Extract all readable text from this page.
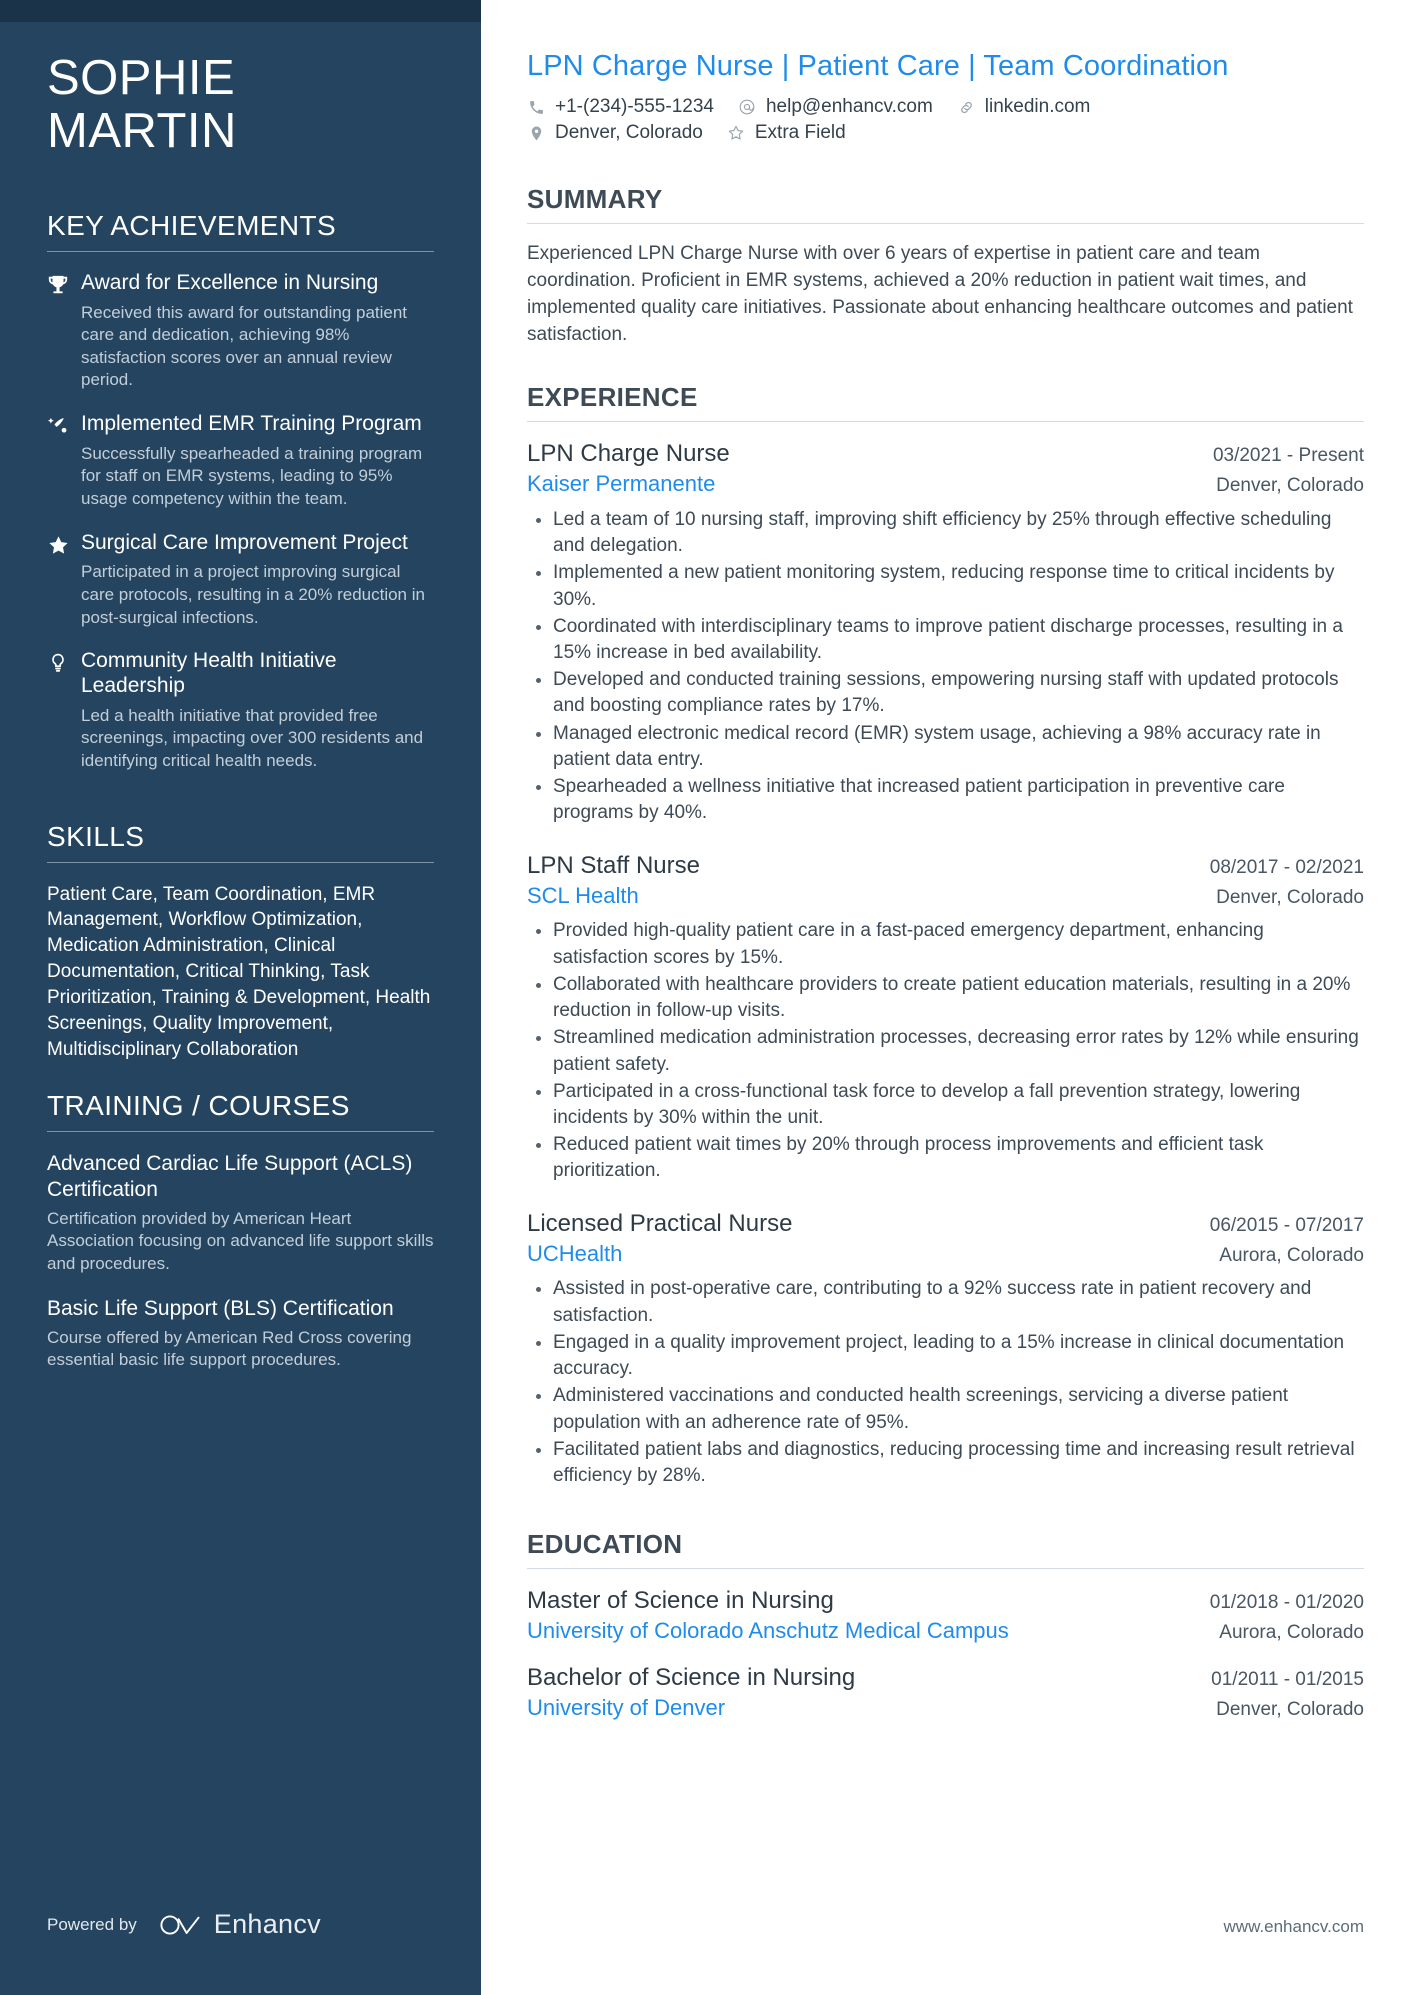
SOPHIE
MARTIN
KEY ACHIEVEMENTS
Award for Excellence in Nursing
Received this award for outstanding patient care and dedication, achieving 98% satisfaction scores over an annual review period.
Implemented EMR Training Program
Successfully spearheaded a training program for staff on EMR systems, leading to 95% usage competency within the team.
Surgical Care Improvement Project
Participated in a project improving surgical care protocols, resulting in a 20% reduction in post-surgical infections.
Community Health Initiative Leadership
Led a health initiative that provided free screenings, impacting over 300 residents and identifying critical health needs.
SKILLS
Patient Care, Team Coordination, EMR Management, Workflow Optimization, Medication Administration, Clinical Documentation, Critical Thinking, Task Prioritization, Training & Development, Health Screenings, Quality Improvement, Multidisciplinary Collaboration
TRAINING / COURSES
Advanced Cardiac Life Support (ACLS) Certification
Certification provided by American Heart Association focusing on advanced life support skills and procedures.
Basic Life Support (BLS) Certification
Course offered by American Red Cross covering essential basic life support procedures.
Powered by	Enhancv
LPN Charge Nurse | Patient Care | Team Coordination
+1-(234)-555-1234	help@enhancv.com	linkedin.com
Denver, Colorado	Extra Field
SUMMARY

Experienced LPN Charge Nurse with over 6 years of expertise in patient care and team coordination. Proficient in EMR systems, achieved a 20% reduction in patient wait times, and implemented quality care initiatives. Passionate about enhancing healthcare outcomes and patient satisfaction.

EXPERIENCE
LPN Charge Nurse	03/2021 - Present
Kaiser Permanente	Denver, Colorado
Led a team of 10 nursing staff, improving shift efficiency by 25% through effective scheduling and delegation.
Implemented a new patient monitoring system, reducing response time to critical incidents by 30%.
Coordinated with interdisciplinary teams to improve patient discharge processes, resulting in a 15% increase in bed availability.
Developed and conducted training sessions, empowering nursing staff with updated protocols and boosting compliance rates by 17%.
Managed electronic medical record (EMR) system usage, achieving a 98% accuracy rate in patient data entry.
Spearheaded a wellness initiative that increased patient participation in preventive care programs by 40%.
LPN Staff Nurse	08/2017 - 02/2021
SCL Health	Denver, Colorado
Provided high-quality patient care in a fast-paced emergency department, enhancing satisfaction scores by 15%.
Collaborated with healthcare providers to create patient education materials, resulting in a 20% reduction in follow-up visits.
Streamlined medication administration processes, decreasing error rates by 12% while ensuring patient safety.
Participated in a cross-functional task force to develop a fall prevention strategy, lowering incidents by 30% within the unit.
Reduced patient wait times by 20% through process improvements and efficient task prioritization.
Licensed Practical Nurse	06/2015 - 07/2017
UCHealth	Aurora, Colorado
Assisted in post-operative care, contributing to a 92% success rate in patient recovery and satisfaction.
Engaged in a quality improvement project, leading to a 15% increase in clinical documentation accuracy.
Administered vaccinations and conducted health screenings, servicing a diverse patient population with an adherence rate of 95%.
Facilitated patient labs and diagnostics, reducing processing time and increasing result retrieval efficiency by 28%.
EDUCATION
Master of Science in Nursing	01/2018 - 01/2020
University of Colorado Anschutz Medical Campus	Aurora, Colorado
Bachelor of Science in Nursing	01/2011 - 01/2015
University of Denver	Denver, Colorado
www.enhancv.com
